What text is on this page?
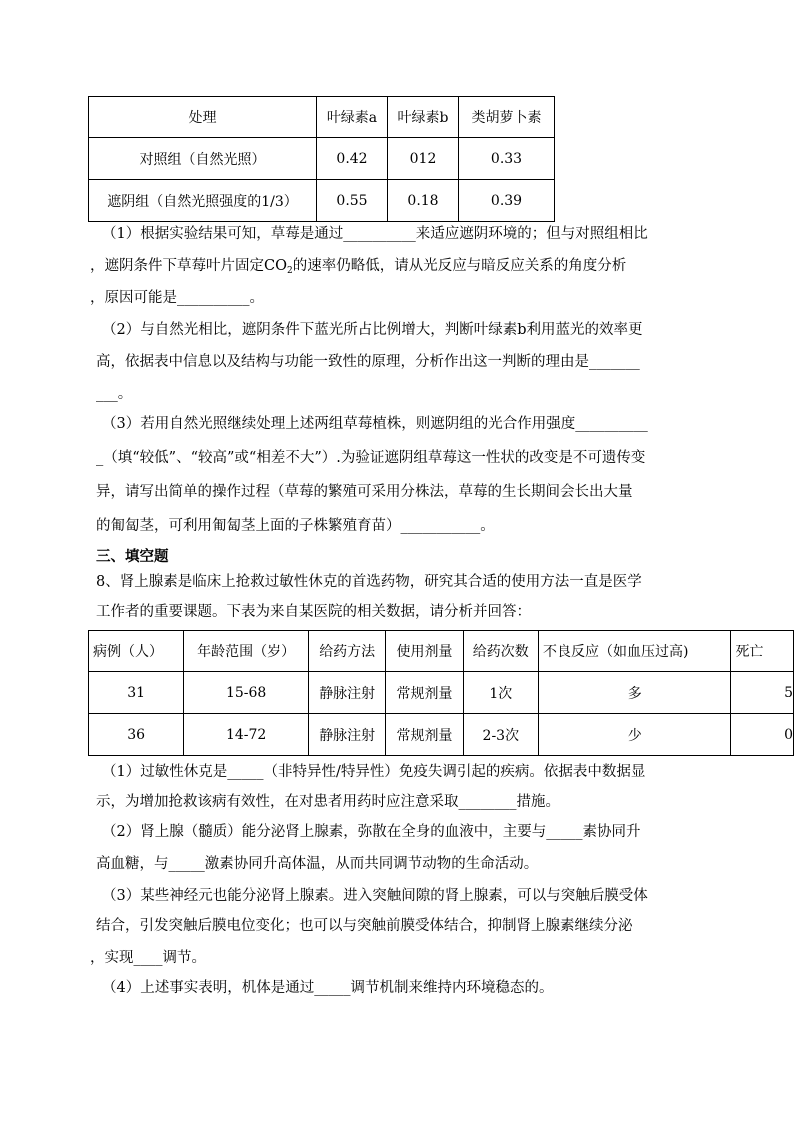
处理	叶绿素a	叶绿素b	类胡萝卜素
对照组（自然光照）	0.42	012	0.33
遮阴组（自然光照强度的1/3）	0.55	0.18	0.39
（1）根据实验结果可知，草莓是通过__________来适应遮阴环境的；但与对照组相比
，遮阴条件下草莓叶片固定$CO_2$的速率仍略低，请从光反应与暗反应关系的角度分析
，原因可能是__________。
（2）与自然光相比，遮阴条件下蓝光所占比例增大，判断叶绿素b利用蓝光的效率更
高，依据表中信息以及结构与功能一致性的原理，分析作出这一判断的理由是_______
___。
（3）若用自然光照继续处理上述两组草莓植株，则遮阴组的光合作用强度__________
_（填“较低”、“较高”或“相差不大”）.为验证遮阴组草莓这一性状的改变是不可遗传变
异，请写出简单的操作过程（草莓的繁殖可采用分株法，草莓的生长期间会长出大量
的匍匐茎，可利用匍匐茎上面的子株繁殖育苗）___________。
三、填空题
8、肾上腺素是临床上抢救过敏性休克的首选药物，研究其合适的使用方法一直是医学
工作者的重要课题。下表为来自某医院的相关数据，请分析并回答：
病例（人）	年龄范围（岁）	给药方法	使用剂量	给药次数	不良反应（如血压过高)	死亡
31	15-68	静脉注射	常规剂量	1次	多	5
36	14-72	静脉注射	常规剂量	2-3次	少	0
（1）过敏性休克是_____（非特异性/特异性）免疫失调引起的疾病。依据表中数据显
示，为增加抢救该病有效性，在对患者用药时应注意采取________措施。
（2）肾上腺（髓质）能分泌肾上腺素，弥散在全身的血液中，主要与_____素协同升
高血糖，与_____激素协同升高体温，从而共同调节动物的生命活动。
（3）某些神经元也能分泌肾上腺素。进入突触间隙的肾上腺素，可以与突触后膜受体
结合，引发突触后膜电位变化；也可以与突触前膜受体结合，抑制肾上腺素继续分泌
，实现____调节。
（4）上述事实表明，机体是通过_____调节机制来维持内环境稳态的。
